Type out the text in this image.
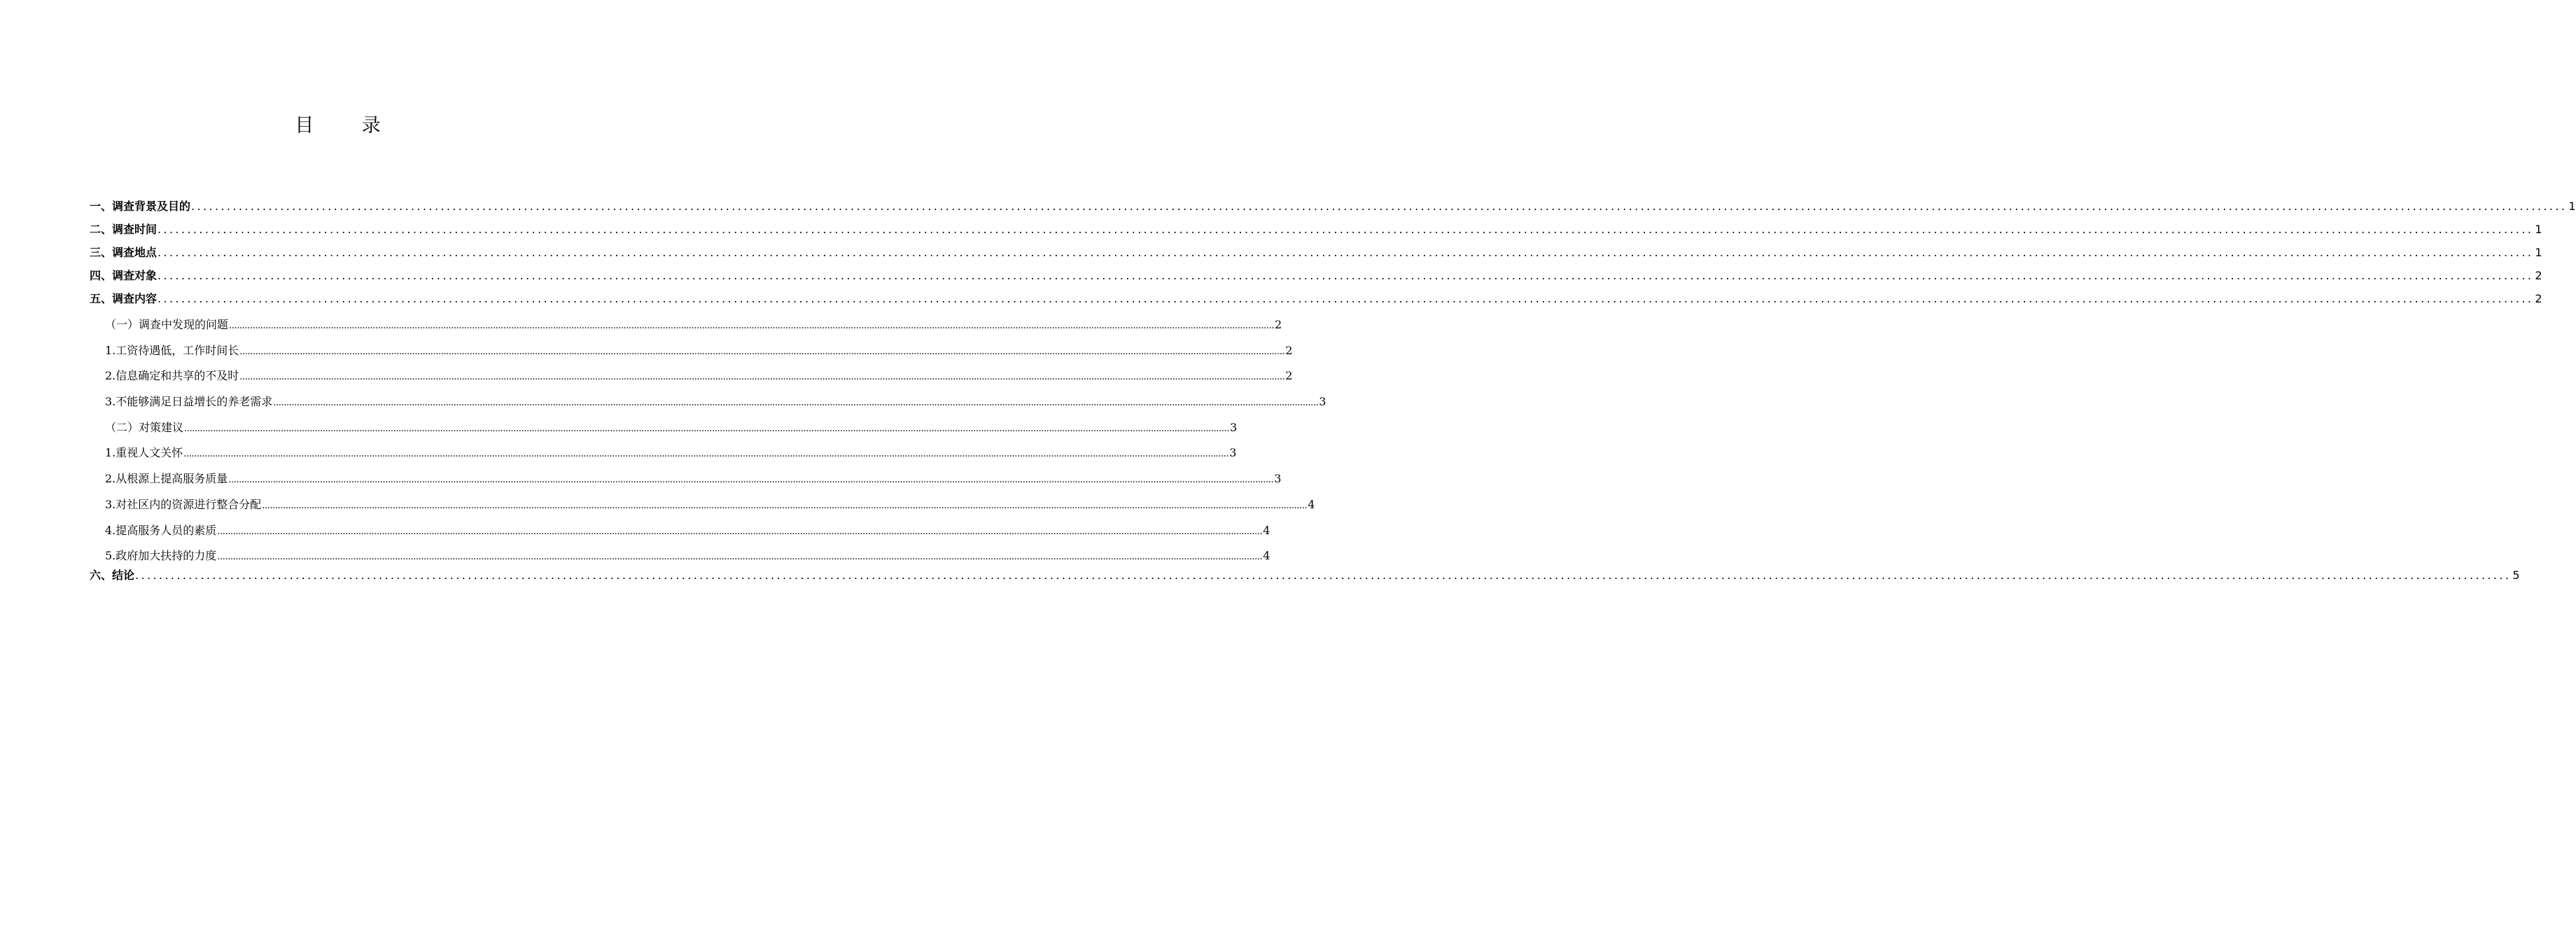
目 录
一、调查背景及目的 ................................................................................................................................................................................................................................................................................................................................................................................................................ 1
二、调查时间 ................................................................................................................................................................................................................................................................................................................................................................................................................ 1
三、调查地点 ................................................................................................................................................................................................................................................................................................................................................................................................................ 1
四、调查对象 ................................................................................................................................................................................................................................................................................................................................................................................................................ 2
五、调查内容 ................................................................................................................................................................................................................................................................................................................................................................................................................ 2
（一）调查中发现的问题 ................................................................................................................................................................................................................................................................................................................................................................................................................ 2
1.工资待遇低，工作时间长 ................................................................................................................................................................................................................................................................................................................................................................................................................ 2
2.信息确定和共享的不及时 ................................................................................................................................................................................................................................................................................................................................................................................................................ 2
3.不能够满足日益增长的养老需求 ................................................................................................................................................................................................................................................................................................................................................................................................................ 3
（二）对策建议 ................................................................................................................................................................................................................................................................................................................................................................................................................ 3
1.重视人文关怀 ................................................................................................................................................................................................................................................................................................................................................................................................................ 3
2.从根源上提高服务质量 ................................................................................................................................................................................................................................................................................................................................................................................................................ 3
3.对社区内的资源进行整合分配 ................................................................................................................................................................................................................................................................................................................................................................................................................ 4
4.提高服务人员的素质 ................................................................................................................................................................................................................................................................................................................................................................................................................ 4
5.政府加大扶持的力度 ................................................................................................................................................................................................................................................................................................................................................................................................................ 4
六、结论 ................................................................................................................................................................................................................................................................................................................................................................................................................ 5
